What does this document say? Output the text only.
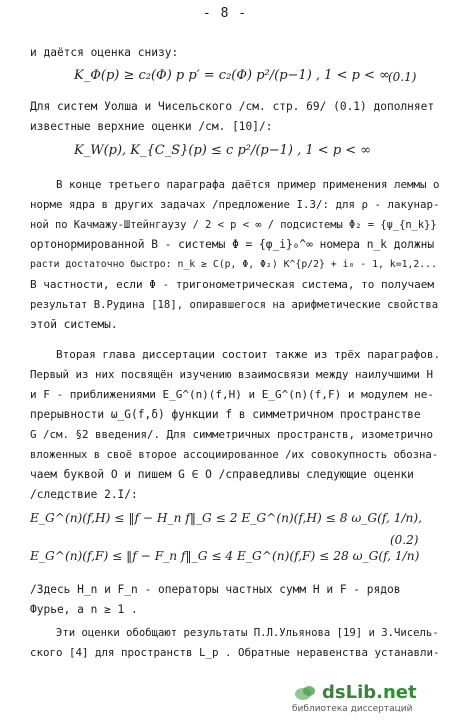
- 8 -
и даётся оценка снизу:
K_Φ(p) ≥ c₂(Φ) p p′ = c₂(Φ) p²/(p−1) , 1 < p < ∞
(0.1)
Для систем Уолша и Чисельского /см. стр. 69/ (0.1) дополняет
известные верхние оценки /см. [10]/:
K_W(p), K_{C_S}(p) ≤ c p²/(p−1) , 1 < p < ∞
В конце третьего параграфа даётся пример применения леммы о
норме ядра в других задачах /предложение I.3/: для ρ - лакунар-
ной по Качмажу-Штейнгаузу / 2 < p < ∞ / подсистемы Φ₂ = {ψ_{n_k}}
ортонормированной B - системы Φ = {φ_i}₀^∞ номера n_k должны
расти достаточно быстро: n_k ≥ C(p, Φ, Φ₂) K^{p/2} + i₀ - 1, k=1,2...
В частности, если Φ - тригонометрическая система, то получаем
результат В.Рудина [18], опиравшегося на арифметические свойства
этой системы.
Вторая глава диссертации состоит также из трёх параграфов.
Первый из них посвящён изучению взаимосвязи между наилучшими H
и F - приближениями E_G^(n)(f,H) и E_G^(n)(f,F) и модулем не-
прерывности ω_G(f,δ) функции f в симметричном пространстве
G /см. §2 введения/. Для симметричных пространств, изометрично
вложенных в своё второе ассоциированное /их совокупность обозна-
чаем буквой O и пишем G ∈ O /справедливы следующие оценки
/следствие 2.I/:
E_G^(n)(f,H) ≤ ‖f − H_n f‖_G ≤ 2 E_G^(n)(f,H) ≤ 8 ω_G(f, 1/n),
(0.2)
E_G^(n)(f,F) ≤ ‖f − F_n f‖_G ≤ 4 E_G^(n)(f,F) ≤ 28 ω_G(f, 1/n)
/Здесь H_n и F_n - операторы частных сумм H и F - рядов
Фурье, а n ≥ 1 .
Эти оценки обобщают результаты П.Л.Ульянова [19] и З.Чисель-
ского [4] для пространств L_p . Обратные неравенства устанавли-
dsLib.net
библиотека диссертаций
